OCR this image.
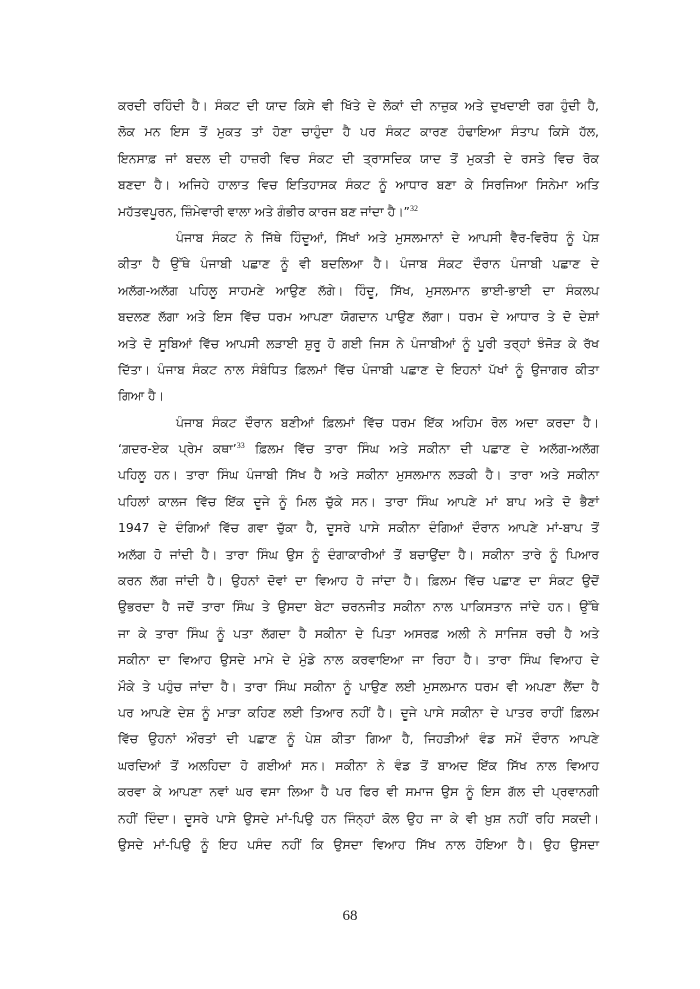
ਕਰਦੀ ਰਹਿੰਦੀ ਹੈ। ਸੰਕਟ ਦੀ ਯਾਦ ਕਿਸੇ ਵੀ ਖਿੱਤੇ ਦੇ ਲੋਕਾਂ ਦੀ ਨਾਜ਼ੁਕ ਅਤੇ ਦੁਖਦਾਈ ਰਗ ਹੁੰਦੀ ਹੈ,
ਲੋਕ ਮਨ ਇਸ ਤੋਂ ਮੁਕਤ ਤਾਂ ਹੋਣਾ ਚਾਹੁੰਦਾ ਹੈ ਪਰ ਸੰਕਟ ਕਾਰਣ ਹੰਢਾਇਆ ਸੰਤਾਪ ਕਿਸੇ ਹੱਲ,
ਇਨਸਾਫ਼ ਜਾਂ ਬਦਲ ਦੀ ਹਾਜ਼ਰੀ ਵਿਚ ਸੰਕਟ ਦੀ ਤ੍ਰਾਸਦਿਕ ਯਾਦ ਤੋਂ ਮੁਕਤੀ ਦੇ ਰਸਤੇ ਵਿਚ ਰੋਕ
ਬਣਦਾ ਹੈ। ਅਜਿਹੇ ਹਾਲਾਤ ਵਿਚ ਇਤਿਹਾਸਕ ਸੰਕਟ ਨੂੰ ਆਧਾਰ ਬਣਾ ਕੇ ਸਿਰਜਿਆ ਸਿਨੇਮਾ ਅਤਿ
ਮਹੱਤਵਪੂਰਨ, ਜ਼ਿੰਮੇਵਾਰੀ ਵਾਲਾ ਅਤੇ ਗੰਭੀਰ ਕਾਰਜ ਬਣ ਜਾਂਦਾ ਹੈ।”$^{32}$
ਪੰਜਾਬ ਸੰਕਟ ਨੇ ਜਿੱਥੇ ਹਿੰਦੂਆਂ, ਸਿੱਖਾਂ ਅਤੇ ਮੁਸਲਮਾਨਾਂ ਦੇ ਆਪਸੀ ਵੈਰ-ਵਿਰੋਧ ਨੂੰ ਪੇਸ਼
ਕੀਤਾ ਹੈ ਉੱਥੇ ਪੰਜਾਬੀ ਪਛਾਣ ਨੂੰ ਵੀ ਬਦਲਿਆ ਹੈ। ਪੰਜਾਬ ਸੰਕਟ ਦੌਰਾਨ ਪੰਜਾਬੀ ਪਛਾਣ ਦੇ
ਅਲੱਗ-ਅਲੱਗ ਪਹਿਲੂ ਸਾਹਮਣੇ ਆਉਣ ਲੱਗੇ। ਹਿੰਦੂ, ਸਿੱਖ, ਮੁਸਲਮਾਨ ਭਾਈ-ਭਾਈ ਦਾ ਸੰਕਲਪ
ਬਦਲਣ ਲੱਗਾ ਅਤੇ ਇਸ ਵਿੱਚ ਧਰਮ ਆਪਣਾ ਯੋਗਦਾਨ ਪਾਉਣ ਲੱਗਾ। ਧਰਮ ਦੇ ਆਧਾਰ ਤੇ ਦੋ ਦੇਸ਼ਾਂ
ਅਤੇ ਦੋ ਸੂਬਿਆਂ ਵਿੱਚ ਆਪਸੀ ਲੜਾਈ ਸ਼ੁਰੂ ਹੋ ਗਈ ਜਿਸ ਨੇ ਪੰਜਾਬੀਆਂ ਨੂੰ ਪੂਰੀ ਤਰ੍ਹਾਂ ਝੰਜੋੜ ਕੇ ਰੱਖ
ਦਿੱਤਾ। ਪੰਜਾਬ ਸੰਕਟ ਨਾਲ ਸੰਬੰਧਿਤ ਫ਼ਿਲਮਾਂ ਵਿੱਚ ਪੰਜਾਬੀ ਪਛਾਣ ਦੇ ਇਹਨਾਂ ਪੱਖਾਂ ਨੂੰ ਉਜਾਗਰ ਕੀਤਾ
ਗਿਆ ਹੈ।
ਪੰਜਾਬ ਸੰਕਟ ਦੌਰਾਨ ਬਣੀਆਂ ਫ਼ਿਲਮਾਂ ਵਿੱਚ ਧਰਮ ਇੱਕ ਅਹਿਮ ਰੋਲ ਅਦਾ ਕਰਦਾ ਹੈ।
‘ਗ਼ਦਰ-ਏਕ ਪ੍ਰੇਮ ਕਥਾ’$^{33}$ ਫ਼ਿਲਮ ਵਿੱਚ ਤਾਰਾ ਸਿੰਘ ਅਤੇ ਸਕੀਨਾ ਦੀ ਪਛਾਣ ਦੇ ਅਲੱਗ-ਅਲੱਗ
ਪਹਿਲੂ ਹਨ। ਤਾਰਾ ਸਿੰਘ ਪੰਜਾਬੀ ਸਿੱਖ ਹੈ ਅਤੇ ਸਕੀਨਾ ਮੁਸਲਮਾਨ ਲੜਕੀ ਹੈ। ਤਾਰਾ ਅਤੇ ਸਕੀਨਾ
ਪਹਿਲਾਂ ਕਾਲਜ ਵਿੱਚ ਇੱਕ ਦੂਜੇ ਨੂੰ ਮਿਲ ਚੁੱਕੇ ਸਨ। ਤਾਰਾ ਸਿੰਘ ਆਪਣੇ ਮਾਂ ਬਾਪ ਅਤੇ ਦੋ ਭੈਣਾਂ
1947 ਦੇ ਦੰਗਿਆਂ ਵਿੱਚ ਗਵਾ ਚੁੱਕਾ ਹੈ, ਦੂਸਰੇ ਪਾਸੇ ਸਕੀਨਾ ਦੰਗਿਆਂ ਦੌਰਾਨ ਆਪਣੇ ਮਾਂ-ਬਾਪ ਤੋਂ
ਅਲੱਗ ਹੋ ਜਾਂਦੀ ਹੈ। ਤਾਰਾ ਸਿੰਘ ਉਸ ਨੂੰ ਦੰਗਾਕਾਰੀਆਂ ਤੋਂ ਬਚਾਉਂਦਾ ਹੈ। ਸਕੀਨਾ ਤਾਰੇ ਨੂੰ ਪਿਆਰ
ਕਰਨ ਲੱਗ ਜਾਂਦੀ ਹੈ। ਉਹਨਾਂ ਦੋਵਾਂ ਦਾ ਵਿਆਹ ਹੋ ਜਾਂਦਾ ਹੈ। ਫ਼ਿਲਮ ਵਿੱਚ ਪਛਾਣ ਦਾ ਸੰਕਟ ਉਦੋਂ
ਉਭਰਦਾ ਹੈ ਜਦੋਂ ਤਾਰਾ ਸਿੰਘ ਤੇ ਉਸਦਾ ਬੇਟਾ ਚਰਨਜੀਤ ਸਕੀਨਾ ਨਾਲ ਪਾਕਿਸਤਾਨ ਜਾਂਦੇ ਹਨ। ਉੱਥੇ
ਜਾ ਕੇ ਤਾਰਾ ਸਿੰਘ ਨੂੰ ਪਤਾ ਲੱਗਦਾ ਹੈ ਸਕੀਨਾ ਦੇ ਪਿਤਾ ਅਸਰਫ਼ ਅਲੀ ਨੇ ਸਾਜਿਸ਼ ਰਚੀ ਹੈ ਅਤੇ
ਸਕੀਨਾ ਦਾ ਵਿਆਹ ਉਸਦੇ ਮਾਮੇ ਦੇ ਮੁੰਡੇ ਨਾਲ ਕਰਵਾਇਆ ਜਾ ਰਿਹਾ ਹੈ। ਤਾਰਾ ਸਿੰਘ ਵਿਆਹ ਦੇ
ਮੌਕੇ ਤੇ ਪਹੁੰਚ ਜਾਂਦਾ ਹੈ। ਤਾਰਾ ਸਿੰਘ ਸਕੀਨਾ ਨੂੰ ਪਾਉਣ ਲਈ ਮੁਸਲਮਾਨ ਧਰਮ ਵੀ ਅਪਣਾ ਲੈਂਦਾ ਹੈ
ਪਰ ਆਪਣੇ ਦੇਸ਼ ਨੂੰ ਮਾੜਾ ਕਹਿਣ ਲਈ ਤਿਆਰ ਨਹੀਂ ਹੈ। ਦੂਜੇ ਪਾਸੇ ਸਕੀਨਾ ਦੇ ਪਾਤਰ ਰਾਹੀਂ ਫ਼ਿਲਮ
ਵਿੱਚ ਉਹਨਾਂ ਔਰਤਾਂ ਦੀ ਪਛਾਣ ਨੂੰ ਪੇਸ਼ ਕੀਤਾ ਗਿਆ ਹੈ, ਜਿਹੜੀਆਂ ਵੰਡ ਸਮੇਂ ਦੌਰਾਨ ਆਪਣੇ
ਘਰਦਿਆਂ ਤੋਂ ਅਲਹਿਦਾ ਹੋ ਗਈਆਂ ਸਨ। ਸਕੀਨਾ ਨੇ ਵੰਡ ਤੋਂ ਬਾਅਦ ਇੱਕ ਸਿੱਖ ਨਾਲ ਵਿਆਹ
ਕਰਵਾ ਕੇ ਆਪਣਾ ਨਵਾਂ ਘਰ ਵਸਾ ਲਿਆ ਹੈ ਪਰ ਫਿਰ ਵੀ ਸਮਾਜ ਉਸ ਨੂੰ ਇਸ ਗੱਲ ਦੀ ਪ੍ਰਵਾਨਗੀ
ਨਹੀਂ ਦਿੰਦਾ। ਦੂਸਰੇ ਪਾਸੇ ਉਸਦੇ ਮਾਂ-ਪਿਉ ਹਨ ਜਿੰਨ੍ਹਾਂ ਕੋਲ ਉਹ ਜਾ ਕੇ ਵੀ ਖ਼ੁਸ਼ ਨਹੀਂ ਰਹਿ ਸਕਦੀ।
ਉਸਦੇ ਮਾਂ-ਪਿਉ ਨੂੰ ਇਹ ਪਸੰਦ ਨਹੀਂ ਕਿ ਉਸਦਾ ਵਿਆਹ ਸਿੱਖ ਨਾਲ ਹੋਇਆ ਹੈ। ਉਹ ਉਸਦਾ
68
